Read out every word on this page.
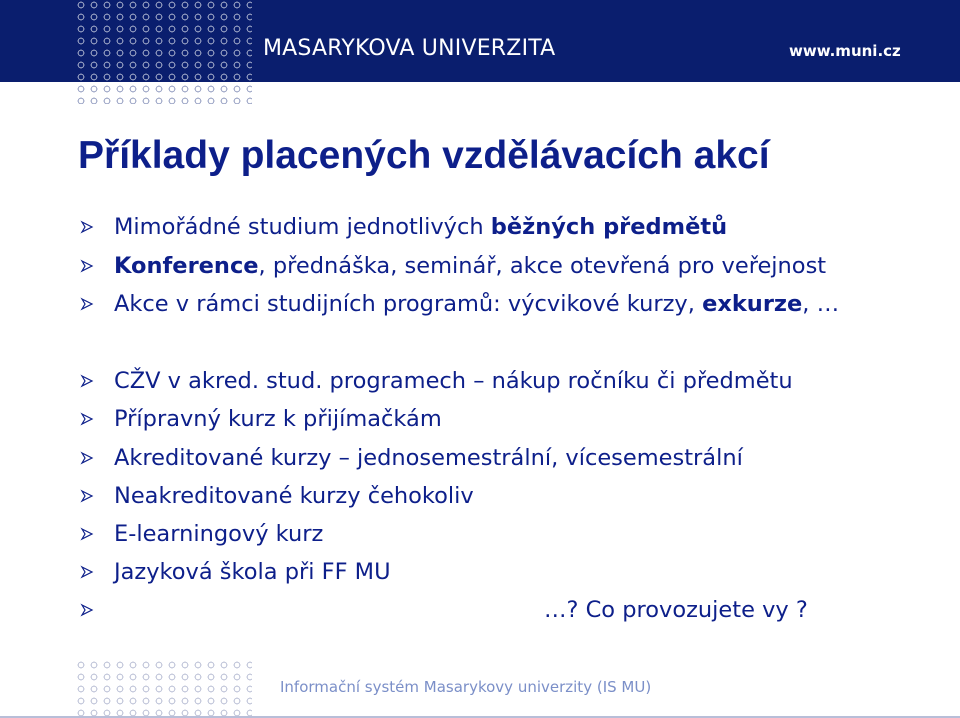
MASARYKOVA UNIVERZITA	www.muni.cz
Příklady placených vzdělávacích akcí
Mimořádné studium jednotlivých běžných předmětů
Konference, přednáška, seminář, akce otevřená pro veřejnost
Akce v rámci studijních programů: výcvikové kurzy, exkurze, …
CŽV v akred. stud. programech – nákup ročníku či předmětu
Přípravný kurz k přijímačkám
Akreditované kurzy – jednosemestrální, vícesemestrální
Neakreditované kurzy čehokoliv
E-learningový kurz
Jazyková škola při FF MU
…? Co provozujete vy ?
Informační systém Masarykovy univerzity (IS MU)
